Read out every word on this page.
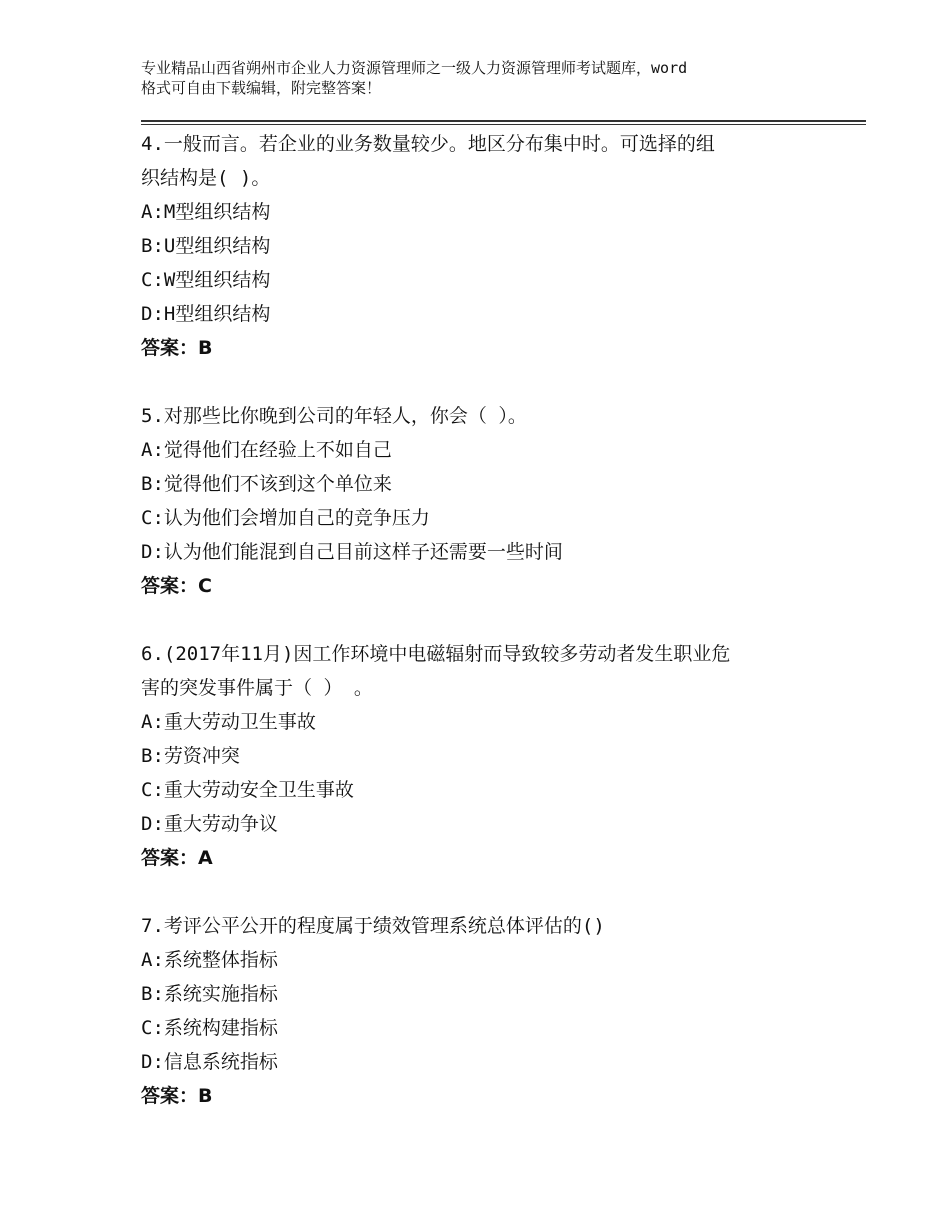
专业精品山西省朔州市企业人力资源管理师之一级人力资源管理师考试题库，word
格式可自由下载编辑，附完整答案！

4.一般而言。若企业的业务数量较少。地区分布集中时。可选择的组

织结构是( )。

A:M型组织结构

B:U型组织结构

C:W型组织结构

D:H型组织结构

答案：B

5.对那些比你晚到公司的年轻人，你会（ ）。

A:觉得他们在经验上不如自己

B:觉得他们不该到这个单位来

C:认为他们会增加自己的竞争压力

D:认为他们能混到自己目前这样子还需要一些时间

答案：C

6.(2017年11月)因工作环境中电磁辐射而导致较多劳动者发生职业危

害的突发事件属于（ ） 。

A:重大劳动卫生事故

B:劳资冲突

C:重大劳动安全卫生事故

D:重大劳动争议

答案：A

7.考评公平公开的程度属于绩效管理系统总体评估的()

A:系统整体指标

B:系统实施指标

C:系统构建指标

D:信息系统指标

答案：B
